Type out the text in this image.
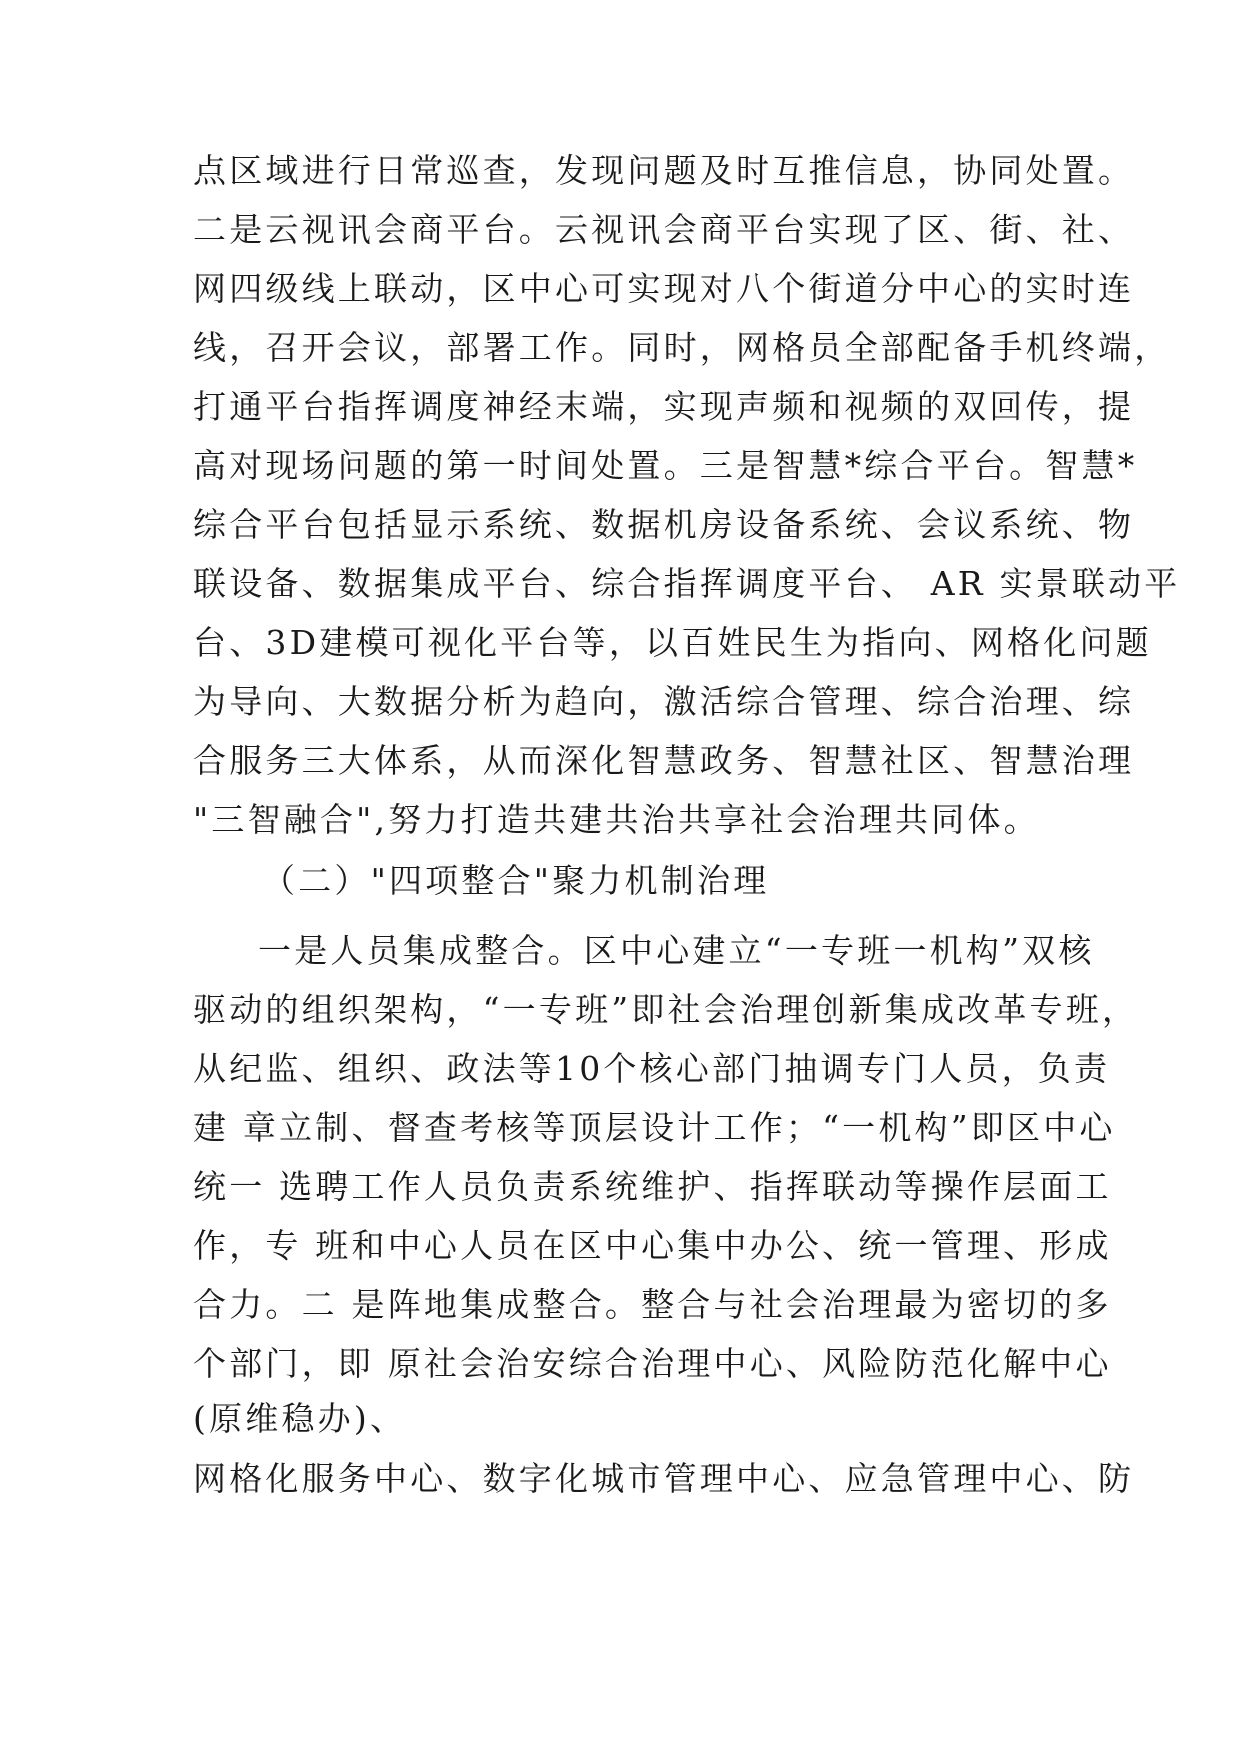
点区域进行日常巡查，发现问题及时互推信息，协同处置。
二是云视讯会商平台。云视讯会商平台实现了区、街、社、
网四级线上联动，区中心可实现对八个街道分中心的实时连
线，召开会议，部署工作。同时，网格员全部配备手机终端，
打通平台指挥调度神经末端，实现声频和视频的双回传，提
高对现场问题的第一时间处置。三是智慧*综合平台。智慧*
综合平台包括显示系统、数据机房设备系统、会议系统、物
联设备、数据集成平台、综合指挥调度平台、 AR 实景联动平
台、3D建模可视化平台等，以百姓民生为指向、网格化问题
为导向、大数据分析为趋向，激活综合管理、综合治理、综
合服务三大体系，从而深化智慧政务、智慧社区、智慧治理
"三智融合",努力打造共建共治共享社会治理共同体。
（二）"四项整合"聚力机制治理
一是人员集成整合。区中心建立“一专班一机构”双核
驱动的组织架构，“一专班”即社会治理创新集成改革专班，
从纪监、组织、政法等10个核心部门抽调专门人员，负责
建 章立制、督查考核等顶层设计工作；“一机构”即区中心
统一 选聘工作人员负责系统维护、指挥联动等操作层面工
作，专 班和中心人员在区中心集中办公、统一管理、形成
合力。二 是阵地集成整合。整合与社会治理最为密切的多
个部门，即 原社会治安综合治理中心、风险防范化解中心
(原维稳办)、
网格化服务中心、数字化城市管理中心、应急管理中心、防
